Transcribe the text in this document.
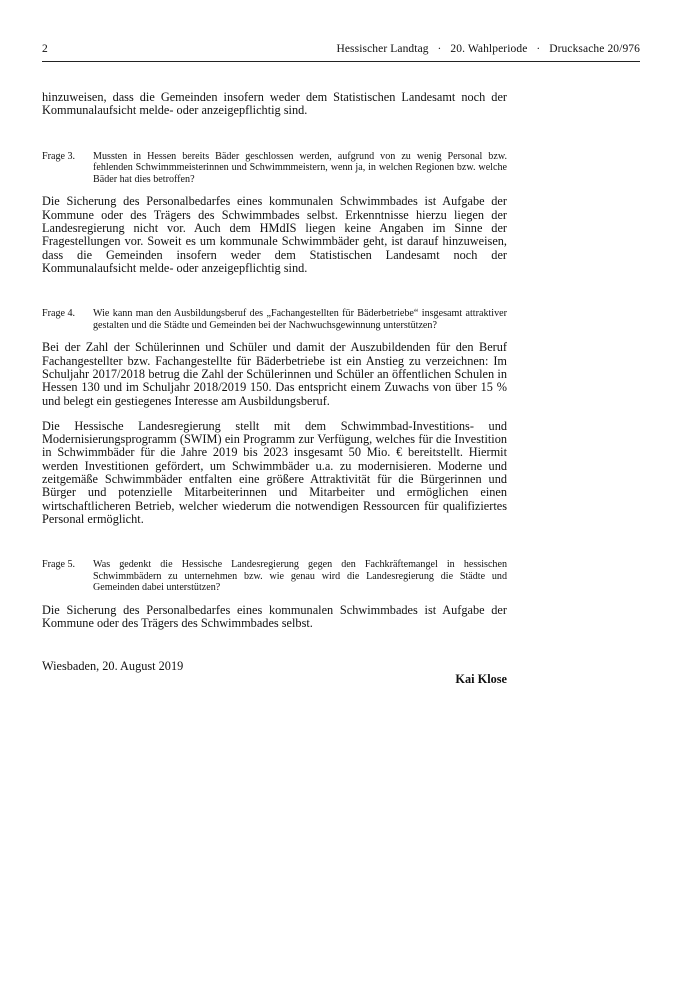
2	Hessischer Landtag   ·   20. Wahlperiode   ·   Drucksache 20/976

hinzuweisen, dass die Gemeinden insofern weder dem Statistischen Landesamt noch der Kommunalaufsicht melde- oder anzeigepflichtig sind.

Frage 3.	Mussten in Hessen bereits Bäder geschlossen werden, aufgrund von zu wenig Personal bzw. fehlenden Schwimmmeisterinnen und Schwimmmeistern, wenn ja, in welchen Regionen bzw. welche Bäder hat dies betroffen?

Die Sicherung des Personalbedarfes eines kommunalen Schwimmbades ist Aufgabe der Kommune oder des Trägers des Schwimmbades selbst. Erkenntnisse hierzu liegen der Landesregierung nicht vor. Auch dem HMdIS liegen keine Angaben im Sinne der Fragestellungen vor. Soweit es um kommunale Schwimmbäder geht, ist darauf hinzuweisen, dass die Gemeinden insofern weder dem Statistischen Landesamt noch der Kommunalaufsicht melde- oder anzeigepflichtig sind.

Frage 4.	Wie kann man den Ausbildungsberuf des „Fachangestellten für Bäderbetriebe“ insgesamt attraktiver gestalten und die Städte und Gemeinden bei der Nachwuchsgewinnung unterstützen?

Bei der Zahl der Schülerinnen und Schüler und damit der Auszubildenden für den Beruf Fachangestellter bzw. Fachangestellte für Bäderbetriebe ist ein Anstieg zu verzeichnen: Im Schuljahr 2017/2018 betrug die Zahl der Schülerinnen und Schüler an öffentlichen Schulen in Hessen 130 und im Schuljahr 2018/2019 150. Das entspricht einem Zuwachs von über 15 % und belegt ein gestiegenes Interesse am Ausbildungsberuf.

Die Hessische Landesregierung stellt mit dem Schwimmbad-Investitions- und Modernisierungsprogramm (SWIM) ein Programm zur Verfügung, welches für die Investition in Schwimmbäder für die Jahre 2019 bis 2023 insgesamt 50 Mio. € bereitstellt. Hiermit werden Investitionen gefördert, um Schwimmbäder u.a. zu modernisieren. Moderne und zeitgemäße Schwimmbäder entfalten eine größere Attraktivität für die Bürgerinnen und Bürger und potenzielle Mitarbeiterinnen und Mitarbeiter und ermöglichen einen wirtschaftlicheren Betrieb, welcher wiederum die notwendigen Ressourcen für qualifiziertes Personal ermöglicht.

Frage 5.	Was gedenkt die Hessische Landesregierung gegen den Fachkräftemangel in hessischen Schwimmbädern zu unternehmen bzw. wie genau wird die Landesregierung die Städte und Gemeinden dabei unterstützen?

Die Sicherung des Personalbedarfes eines kommunalen Schwimmbades ist Aufgabe der Kommune oder des Trägers des Schwimmbades selbst.

Wiesbaden, 20. August 2019
Kai Klose
